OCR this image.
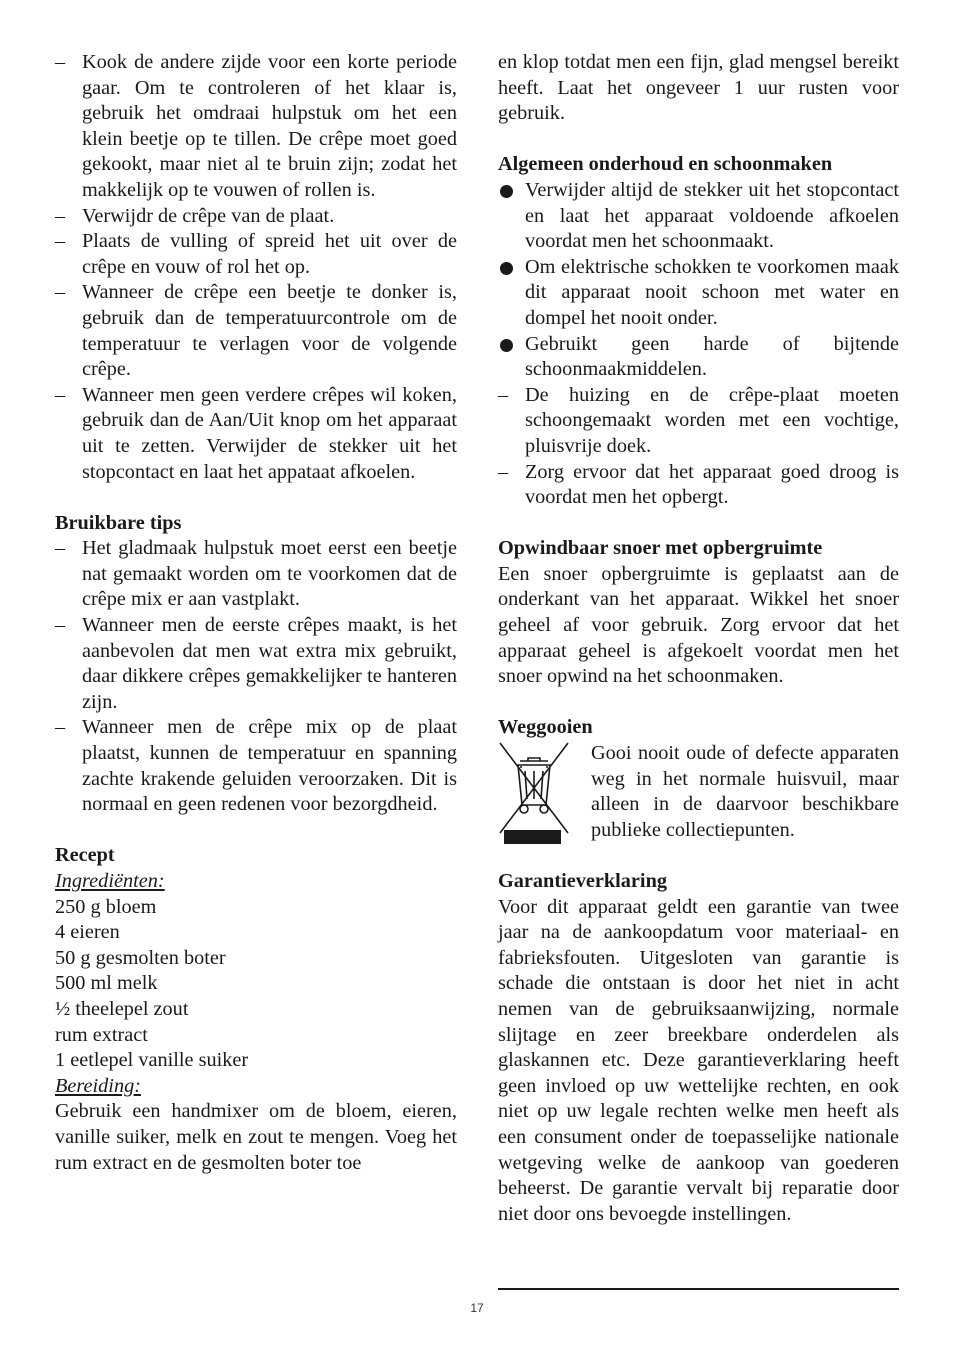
– Kook de andere zijde voor een korte periode gaar. Om te controleren of het klaar is, gebruik het omdraai hulpstuk om het een klein beetje op te tillen. De crêpe moet goed gekookt, maar niet al te bruin zijn; zodat het makkelijk op te vouwen of rollen is.
– Verwijdr de crêpe van de plaat.
– Plaats de vulling of spreid het uit over de crêpe en vouw of rol het op.
– Wanneer de crêpe een beetje te donker is, gebruik dan de temperatuurcontrole om de temperatuur te verlagen voor de volgende crêpe.
– Wanneer men geen verdere crêpes wil koken, gebruik dan de Aan/Uit knop om het apparaat uit te zetten. Verwijder de stekker uit het stopcontact en laat het appataat afkoelen.

Bruikbare tips

– Het gladmaak hulpstuk moet eerst een beetje nat gemaakt worden om te voorkomen dat de crêpe mix er aan vastplakt.
– Wanneer men de eerste crêpes maakt, is het aanbevolen dat men wat extra mix gebruikt, daar dikkere crêpes gemakkelijker te hanteren zijn.
– Wanneer men de crêpe mix op de plaat plaatst, kunnen de temperatuur en spanning zachte krakende geluiden veroorzaken. Dit is normaal en geen redenen voor bezorgdheid.

Recept

Ingrediënten:

250 g bloem

4 eieren

50 g gesmolten boter

500 ml melk

½ theelepel zout

rum extract

1 eetlepel vanille suiker

Bereiding:

Gebruik een handmixer om de bloem, eieren, vanille suiker, melk en zout te mengen. Voeg het rum extract en de gesmolten boter toe

en klop totdat men een fijn, glad mengsel bereikt heeft. Laat het ongeveer 1 uur rusten voor gebruik.

Algemeen onderhoud en schoonmaken

Verwijder altijd de stekker uit het stopcontact en laat het apparaat voldoende afkoelen voordat men het schoonmaakt.
Om elektrische schokken te voorkomen maak dit apparaat nooit schoon met water en dompel het nooit onder.
Gebruikt geen harde of bijtende schoonmaakmiddelen.
– De huizing en de crêpe-plaat moeten schoongemaakt worden met een vochtige, pluisvrije doek.
– Zorg ervoor dat het apparaat goed droog is voordat men het opbergt.

Opwindbaar snoer met opbergruimte

Een snoer opbergruimte is geplaatst aan de onderkant van het apparaat. Wikkel het snoer geheel af voor gebruik. Zorg ervoor dat het apparaat geheel is afgekoelt voordat men het snoer opwind na het schoonmaken.

Weggooien

Gooi nooit oude of defecte apparaten weg in het normale huisvuil, maar alleen in de daarvoor beschikbare publieke collectiepunten.

Garantieverklaring

Voor dit apparaat geldt een garantie van twee jaar na de aankoopdatum voor materiaal- en fabrieksfouten. Uitgesloten van garantie is schade die ontstaan is door het niet in acht nemen van de gebruiksaanwijzing, normale slijtage en zeer breekbare onderdelen als glaskannen etc. Deze garantieverklaring heeft geen invloed op uw wettelijke rechten, en ook niet op uw legale rechten welke men heeft als een consument onder de toepasselijke nationale wetgeving welke de aankoop van goederen beheerst. De garantie vervalt bij reparatie door niet door ons bevoegde instellingen.

17
